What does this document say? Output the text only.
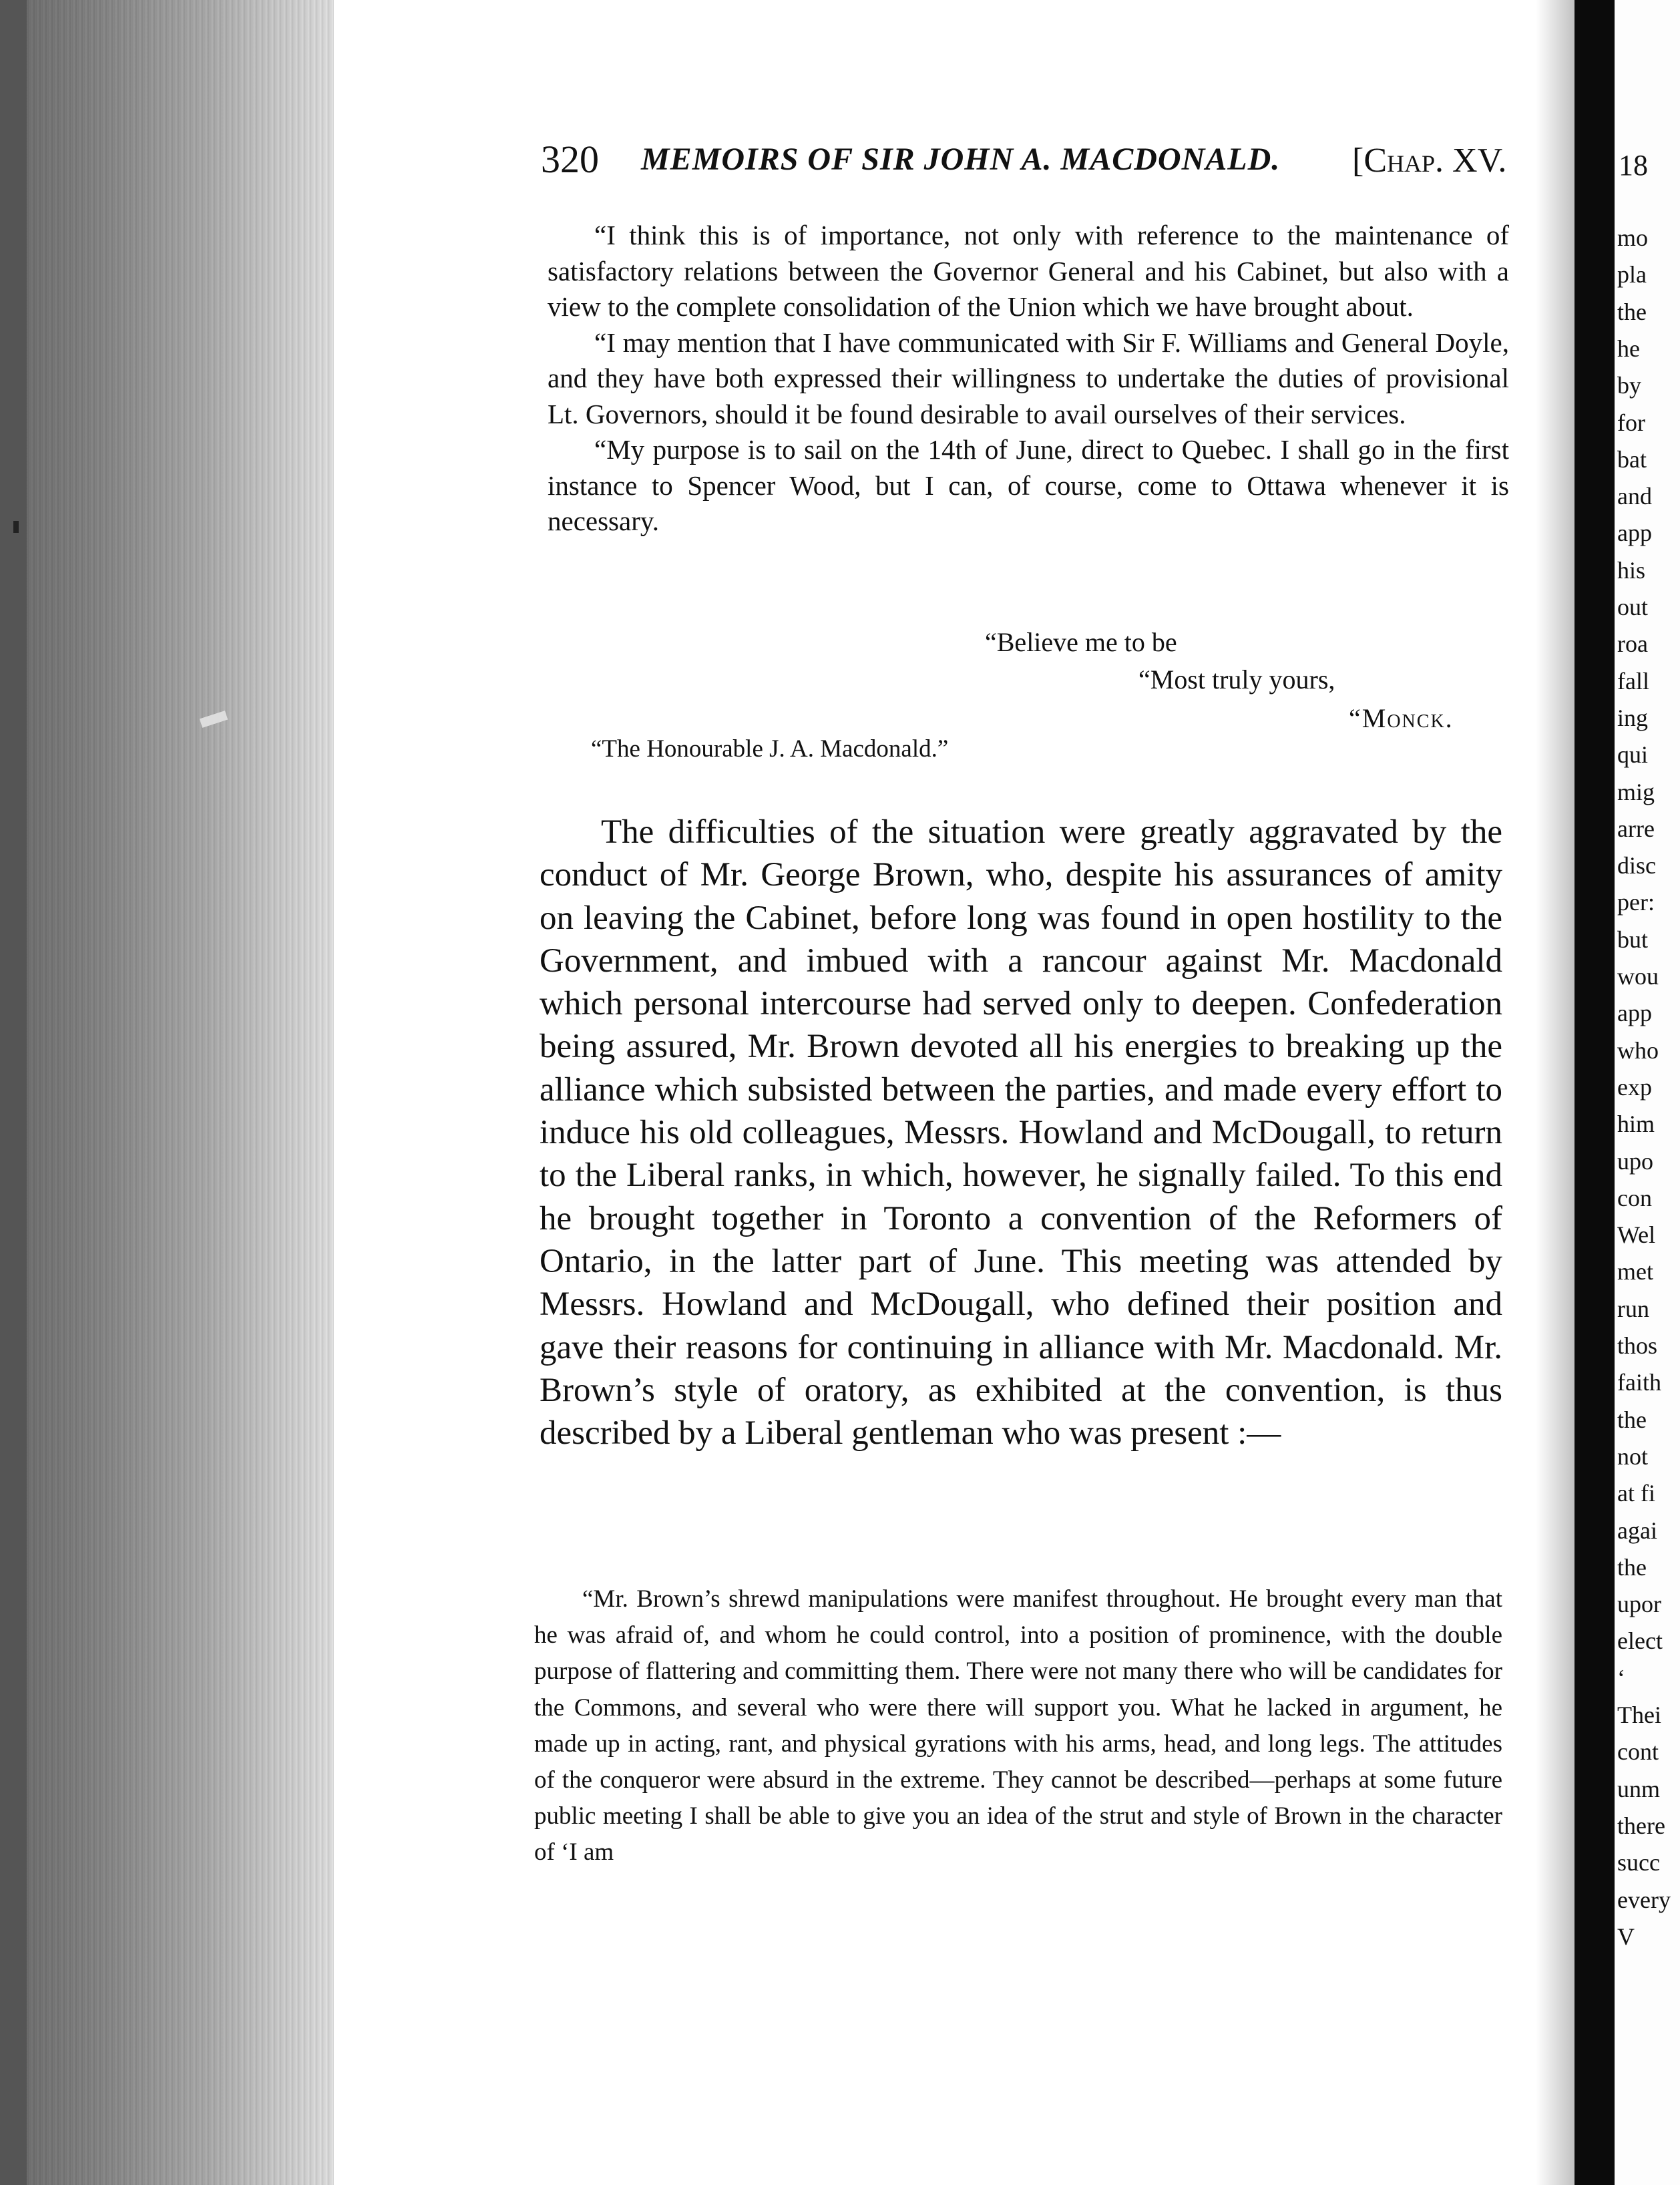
320 MEMOIRS OF SIR JOHN A. MACDONALD. [Chap. XV.

“I think this is of importance, not only with reference to the maintenance of satisfactory relations between the Governor General and his Cabinet, but also with a view to the complete consolidation of the Union which we have brought about.

“I may mention that I have communicated with Sir F. Williams and General Doyle, and they have both expressed their willingness to undertake the duties of provisional Lt. Governors, should it be found desirable to avail ourselves of their services.

“My purpose is to sail on the 14th of June, direct to Quebec. I shall go in the first instance to Spencer Wood, but I can, of course, come to Ottawa whenever it is necessary.

“Believe me to be
“Most truly yours,
“Monck.
“The Honourable J. A. Macdonald.”

The difficulties of the situation were greatly aggravated by the conduct of Mr. George Brown, who, despite his assurances of amity on leaving the Cabinet, before long was found in open hostility to the Government, and imbued with a rancour against Mr. Macdonald which personal intercourse had served only to deepen. Confederation being assured, Mr. Brown devoted all his energies to breaking up the alliance which subsisted between the parties, and made every effort to induce his old colleagues, Messrs. Howland and McDougall, to return to the Liberal ranks, in which, however, he signally failed. To this end he brought together in Toronto a convention of the Reformers of Ontario, in the latter part of June. This meeting was attended by Messrs. Howland and McDougall, who defined their position and gave their reasons for continuing in alliance with Mr. Macdonald. Mr. Brown’s style of oratory, as exhibited at the convention, is thus described by a Liberal gentleman who was present :—

“Mr. Brown’s shrewd manipulations were manifest throughout. He brought every man that he was afraid of, and whom he could control, into a position of prominence, with the double purpose of flattering and committing them. There were not many there who will be candidates for the Commons, and several who were there will support you. What he lacked in argument, he made up in acting, rant, and physical gyrations with his arms, head, and long legs. The attitudes of the conqueror were absurd in the extreme. They cannot be described—perhaps at some future public meeting I shall be able to give you an idea of the strut and style of Brown in the character of ‘I am

18
mo
pla
the
he
by
for
bat
and
app
his
out
roa
fall
ing
qui
mig
arre
disc
per:
but
wou
app
who
exp
him
upo
con
Wel
met
run
thos
faith
the
not
at fi
agai
the
upor
elect
‘
Thei
cont
unm
there
succ
every
V
